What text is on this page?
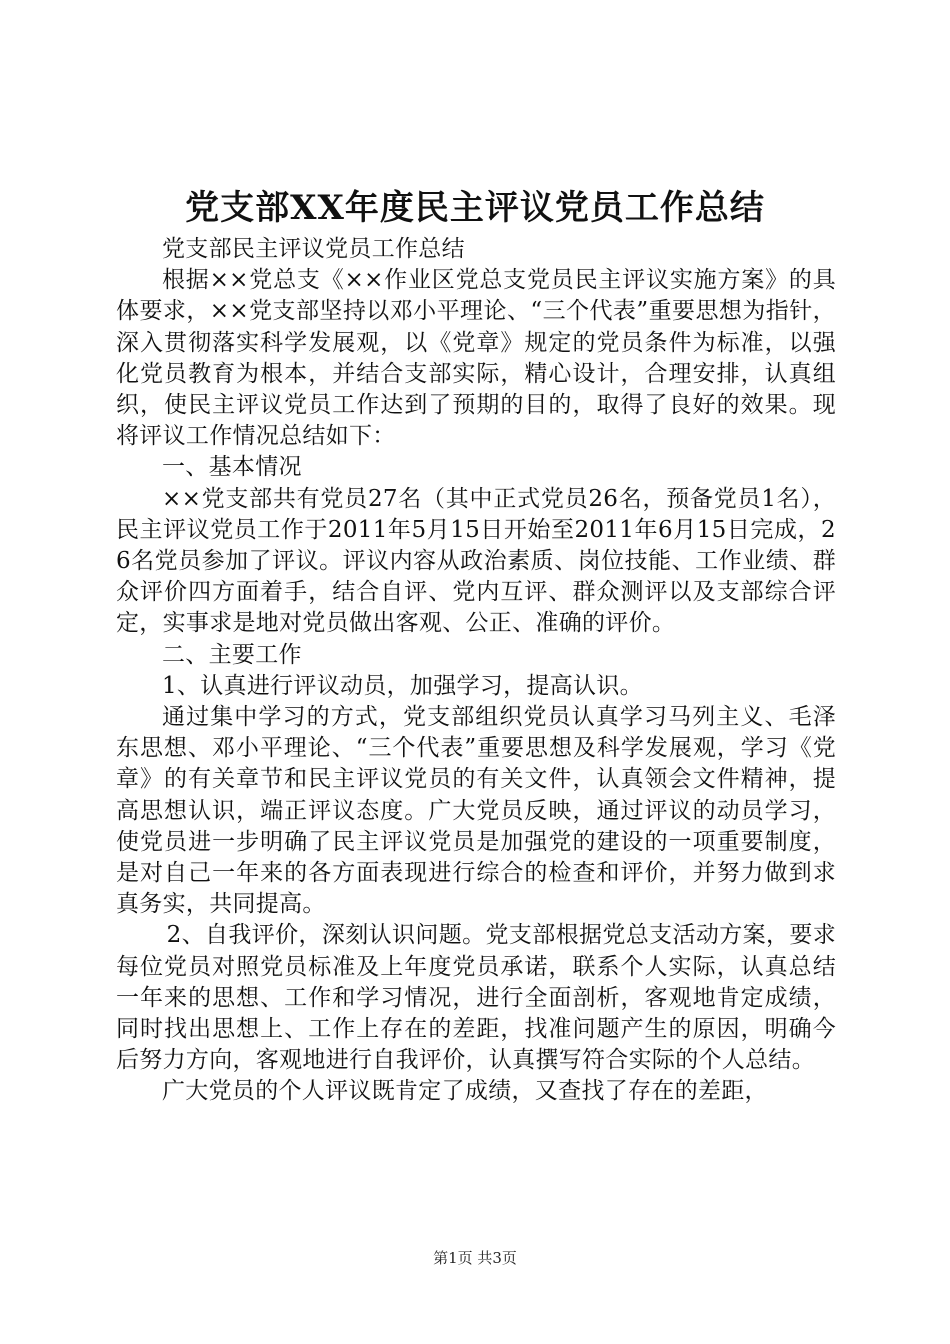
党支部XX年度民主评议党员工作总结

党支部民主评议党员工作总结

根据××党总支《××作业区党总支党员民主评议实施方案》的具体要求，××党支部坚持以邓小平理论、“三个代表”重要思想为指针，深入贯彻落实科学发展观，以《党章》规定的党员条件为标准，以强化党员教育为根本，并结合支部实际，精心设计，合理安排，认真组织，使民主评议党员工作达到了预期的目的，取得了良好的效果。现将评议工作情况总结如下：

一、基本情况

××党支部共有党员27名（其中正式党员26名，预备党员1名），民主评议党员工作于2011年5月15日开始至2011年6月15日完成，26名党员参加了评议。评议内容从政治素质、岗位技能、工作业绩、群众评价四方面着手，结合自评、党内互评、群众测评以及支部综合评定，实事求是地对党员做出客观、公正、准确的评价。

二、主要工作

1、认真进行评议动员，加强学习，提高认识。

通过集中学习的方式，党支部组织党员认真学习马列主义、毛泽东思想、邓小平理论、“三个代表”重要思想及科学发展观，学习《党章》的有关章节和民主评议党员的有关文件，认真领会文件精神，提高思想认识，端正评议态度。广大党员反映，通过评议的动员学习，使党员进一步明确了民主评议党员是加强党的建设的一项重要制度，是对自己一年来的各方面表现进行综合的检查和评价，并努力做到求真务实，共同提高。

2、自我评价，深刻认识问题。党支部根据党总支活动方案，要求每位党员对照党员标准及上年度党员承诺，联系个人实际，认真总结一年来的思想、工作和学习情况，进行全面剖析，客观地肯定成绩，同时找出思想上、工作上存在的差距，找准问题产生的原因，明确今后努力方向，客观地进行自我评价，认真撰写符合实际的个人总结。

广大党员的个人评议既肯定了成绩，又查找了存在的差距，

第1页 共3页
